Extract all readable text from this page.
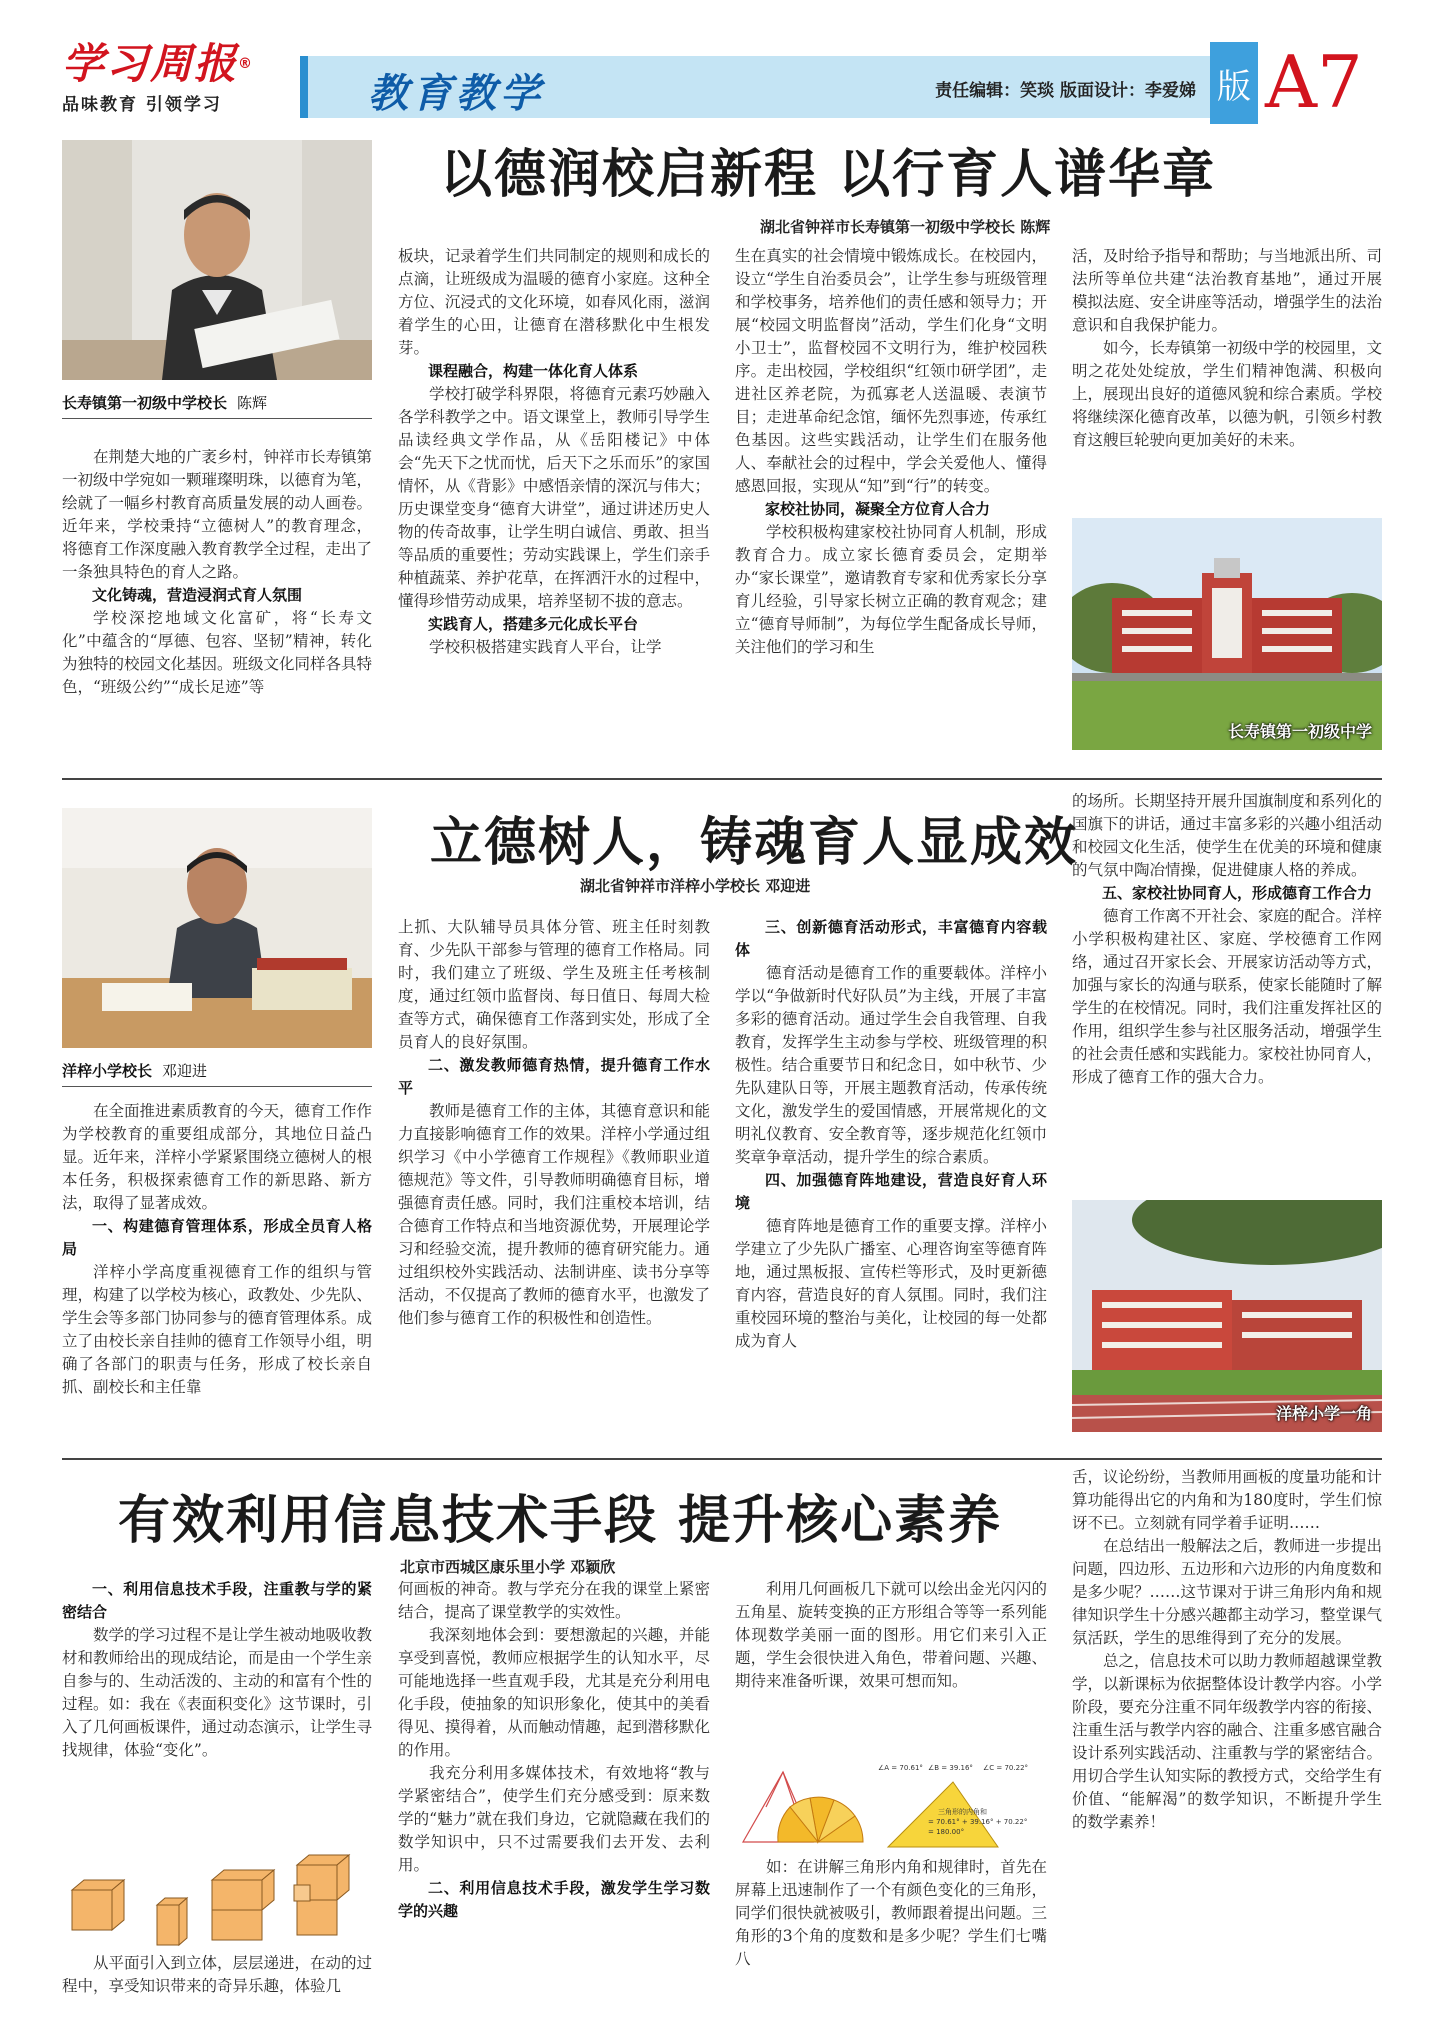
学习周报®
品味教育 引领学习	教育教学	责任编辑：笑琰 版面设计：李爱娣 版 A7
以德润校启新程 以行育人谱华章
湖北省钟祥市长寿镇第一初级中学校长 陈辉
长寿镇第一初级中学校长 陈辉

在荆楚大地的广袤乡村，钟祥市长寿镇第一初级中学宛如一颗璀璨明珠，以德育为笔，绘就了一幅乡村教育高质量发展的动人画卷。近年来，学校秉持“立德树人”的教育理念，将德育工作深度融入教育教学全过程，走出了一条独具特色的育人之路。

文化铸魂，营造浸润式育人氛围

学校深挖地域文化富矿，将“长寿文化”中蕴含的“厚德、包容、坚韧”精神，转化为独特的校园文化基因。班级文化同样各具特色，“班级公约”“成长足迹”等

板块，记录着学生们共同制定的规则和成长的点滴，让班级成为温暖的德育小家庭。这种全方位、沉浸式的文化环境，如春风化雨，滋润着学生的心田，让德育在潜移默化中生根发芽。

课程融合，构建一体化育人体系

学校打破学科界限，将德育元素巧妙融入各学科教学之中。语文课堂上，教师引导学生品读经典文学作品，从《岳阳楼记》中体会“先天下之忧而忧，后天下之乐而乐”的家国情怀，从《背影》中感悟亲情的深沉与伟大；历史课堂变身“德育大讲堂”，通过讲述历史人物的传奇故事，让学生明白诚信、勇敢、担当等品质的重要性；劳动实践课上，学生们亲手种植蔬菜、养护花草，在挥洒汗水的过程中，懂得珍惜劳动成果，培养坚韧不拔的意志。

实践育人，搭建多元化成长平台

学校积极搭建实践育人平台，让学

生在真实的社会情境中锻炼成长。在校园内，设立“学生自治委员会”，让学生参与班级管理和学校事务，培养他们的责任感和领导力；开展“校园文明监督岗”活动，学生们化身“文明小卫士”，监督校园不文明行为，维护校园秩序。走出校园，学校组织“红领巾研学团”，走进社区养老院，为孤寡老人送温暖、表演节目；走进革命纪念馆，缅怀先烈事迹，传承红色基因。这些实践活动，让学生们在服务他人、奉献社会的过程中，学会关爱他人、懂得感恩回报，实现从“知”到“行”的转变。

家校社协同，凝聚全方位育人合力

学校积极构建家校社协同育人机制，形成教育合力。成立家长德育委员会，定期举办“家长课堂”，邀请教育专家和优秀家长分享育儿经验，引导家长树立正确的教育观念；建立“德育导师制”，为每位学生配备成长导师，关注他们的学习和生

活，及时给予指导和帮助；与当地派出所、司法所等单位共建“法治教育基地”，通过开展模拟法庭、安全讲座等活动，增强学生的法治意识和自我保护能力。

如今，长寿镇第一初级中学的校园里，文明之花处处绽放，学生们精神饱满、积极向上，展现出良好的道德风貌和综合素质。学校将继续深化德育改革，以德为帆，引领乡村教育这艘巨轮驶向更加美好的未来。

长寿镇第一初级中学
立德树人，铸魂育人显成效
湖北省钟祥市洋梓小学校长 邓迎进
洋梓小学校长 邓迎进

在全面推进素质教育的今天，德育工作作为学校教育的重要组成部分，其地位日益凸显。近年来，洋梓小学紧紧围绕立德树人的根本任务，积极探索德育工作的新思路、新方法，取得了显著成效。

一、构建德育管理体系，形成全员育人格局

洋梓小学高度重视德育工作的组织与管理，构建了以学校为核心，政教处、少先队、学生会等多部门协同参与的德育管理体系。成立了由校长亲自挂帅的德育工作领导小组，明确了各部门的职责与任务，形成了校长亲自抓、副校长和主任靠

上抓、大队辅导员具体分管、班主任时刻教育、少先队干部参与管理的德育工作格局。同时，我们建立了班级、学生及班主任考核制度，通过红领巾监督岗、每日值日、每周大检查等方式，确保德育工作落到实处，形成了全员育人的良好氛围。

二、激发教师德育热情，提升德育工作水平

教师是德育工作的主体，其德育意识和能力直接影响德育工作的效果。洋梓小学通过组织学习《中小学德育工作规程》《教师职业道德规范》等文件，引导教师明确德育目标，增强德育责任感。同时，我们注重校本培训，结合德育工作特点和当地资源优势，开展理论学习和经验交流，提升教师的德育研究能力。通过组织校外实践活动、法制讲座、读书分享等活动，不仅提高了教师的德育水平，也激发了他们参与德育工作的积极性和创造性。

三、创新德育活动形式，丰富德育内容载体

德育活动是德育工作的重要载体。洋梓小学以“争做新时代好队员”为主线，开展了丰富多彩的德育活动。通过学生会自我管理、自我教育，发挥学生主动参与学校、班级管理的积极性。结合重要节日和纪念日，如中秋节、少先队建队日等，开展主题教育活动，传承传统文化，激发学生的爱国情感，开展常规化的文明礼仪教育、安全教育等，逐步规范化红领巾奖章争章活动，提升学生的综合素质。

四、加强德育阵地建设，营造良好育人环境

德育阵地是德育工作的重要支撑。洋梓小学建立了少先队广播室、心理咨询室等德育阵地，通过黑板报、宣传栏等形式，及时更新德育内容，营造良好的育人氛围。同时，我们注重校园环境的整治与美化，让校园的每一处都成为育人

的场所。长期坚持开展升国旗制度和系列化的国旗下的讲话，通过丰富多彩的兴趣小组活动和校园文化生活，使学生在优美的环境和健康的气氛中陶冶情操，促进健康人格的养成。

五、家校社协同育人，形成德育工作合力

德育工作离不开社会、家庭的配合。洋梓小学积极构建社区、家庭、学校德育工作网络，通过召开家长会、开展家访活动等方式，加强与家长的沟通与联系，使家长能随时了解学生的在校情况。同时，我们注重发挥社区的作用，组织学生参与社区服务活动，增强学生的社会责任感和实践能力。家校社协同育人，形成了德育工作的强大合力。

洋梓小学一角
有效利用信息技术手段 提升核心素养
北京市西城区康乐里小学 邓颖欣
一、利用信息技术手段，注重教与学的紧密结合

数学的学习过程不是让学生被动地吸收教材和教师给出的现成结论，而是由一个学生亲自参与的、生动活泼的、主动的和富有个性的过程。如：我在《表面积变化》这节课时，引入了几何画板课件，通过动态演示，让学生寻找规律，体验“变化”。

从平面引入到立体，层层递进，在动的过程中，享受知识带来的奇异乐趣，体验几

何画板的神奇。教与学充分在我的课堂上紧密结合，提高了课堂教学的实效性。

我深刻地体会到：要想激起的兴趣，并能享受到喜悦，教师应根据学生的认知水平，尽可能地选择一些直观手段，尤其是充分利用电化手段，使抽象的知识形象化，使其中的美看得见、摸得着，从而触动情趣，起到潜移默化的作用。

我充分利用多媒体技术，有效地将“教与学紧密结合”，使学生们充分感受到：原来数学的“魅力”就在我们身边，它就隐藏在我们的数学知识中，只不过需要我们去开发、去利用。

二、利用信息技术手段，激发学生学习数学的兴趣

利用几何画板几下就可以绘出金光闪闪的五角星、旋转变换的正方形组合等等一系列能体现数学美丽一面的图形。用它们来引入正题，学生会很快进入角色，带着问题、兴趣、期待来准备听课，效果可想而知。

∠A = 70.61° ∠B = 39.16° ∠C = 70.22°
三角形的内角和
= 70.61° + 39.16° + 70.22°
= 180.00°

如：在讲解三角形内角和规律时，首先在屏幕上迅速制作了一个有颜色变化的三角形，同学们很快就被吸引，教师跟着提出问题。三角形的3个角的度数和是多少呢？学生们七嘴八

舌，议论纷纷，当教师用画板的度量功能和计算功能得出它的内角和为180度时，学生们惊讶不已。立刻就有同学着手证明……

在总结出一般解法之后，教师进一步提出问题，四边形、五边形和六边形的内角度数和是多少呢？……这节课对于讲三角形内角和规律知识学生十分感兴趣都主动学习，整堂课气氛活跃，学生的思维得到了充分的发展。

总之，信息技术可以助力教师超越课堂教学，以新课标为依据整体设计教学内容。小学阶段，要充分注重不同年级教学内容的衔接、注重生活与教学内容的融合、注重多感官融合设计系列实践活动、注重教与学的紧密结合。用切合学生认知实际的教授方式，交给学生有价值、“能解渴”的数学知识，不断提升学生的数学素养！
